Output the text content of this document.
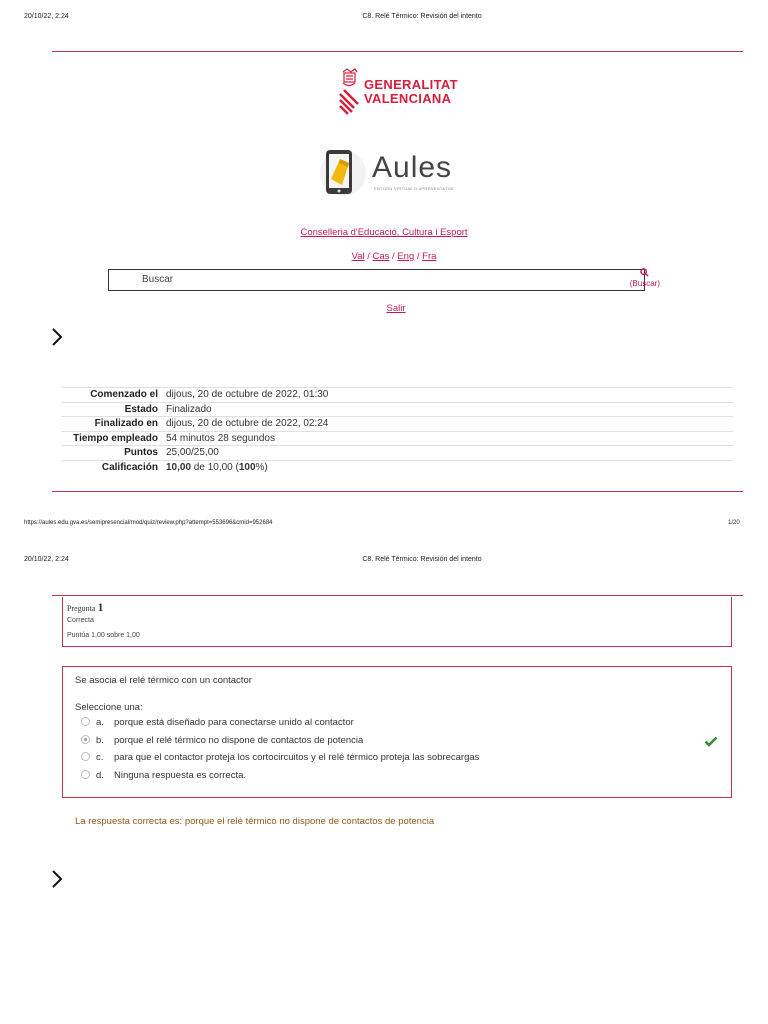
20/10/22, 2:24	C8. Relé Térmico: Revisión del intento
GENERALITAT
VALENCIANA
Aules
ENTORN VIRTUAL D'APRENENTATGE
Conselleria d'Educació, Cultura i Esport
Val / Cas / Eng / Fra
Buscar	(Buscar)
Salir
Comenzado el dijous, 20 de octubre de 2022, 01:30
Estado Finalizado
Finalizado en dijous, 20 de octubre de 2022, 02:24
Tiempo empleado 54 minutos 28 segundos
Puntos 25,00/25,00
Calificación 10,00 de 10,00 (100%)
https://aules.edu.gva.es/semipresencial/mod/quiz/review.php?attempt=553696&cmid=952684	1/20
20/10/22, 2:24	C8. Relé Térmico: Revisión del intento
Pregunta 1
Correcta
Puntúa 1,00 sobre 1,00
Se asocia el relé térmico con un contactor
Seleccione una:
a. porque está diseñado para conectarse unido al contactor
b. porque el relé térmico no dispone de contactos de potencia
c. para que el contactor proteja los cortocircuitos y el relé térmico proteja las sobrecargas
d. Ninguna respuesta es correcta.
La respuesta correcta es: porque el relé térmico no dispone de contactos de potencia
